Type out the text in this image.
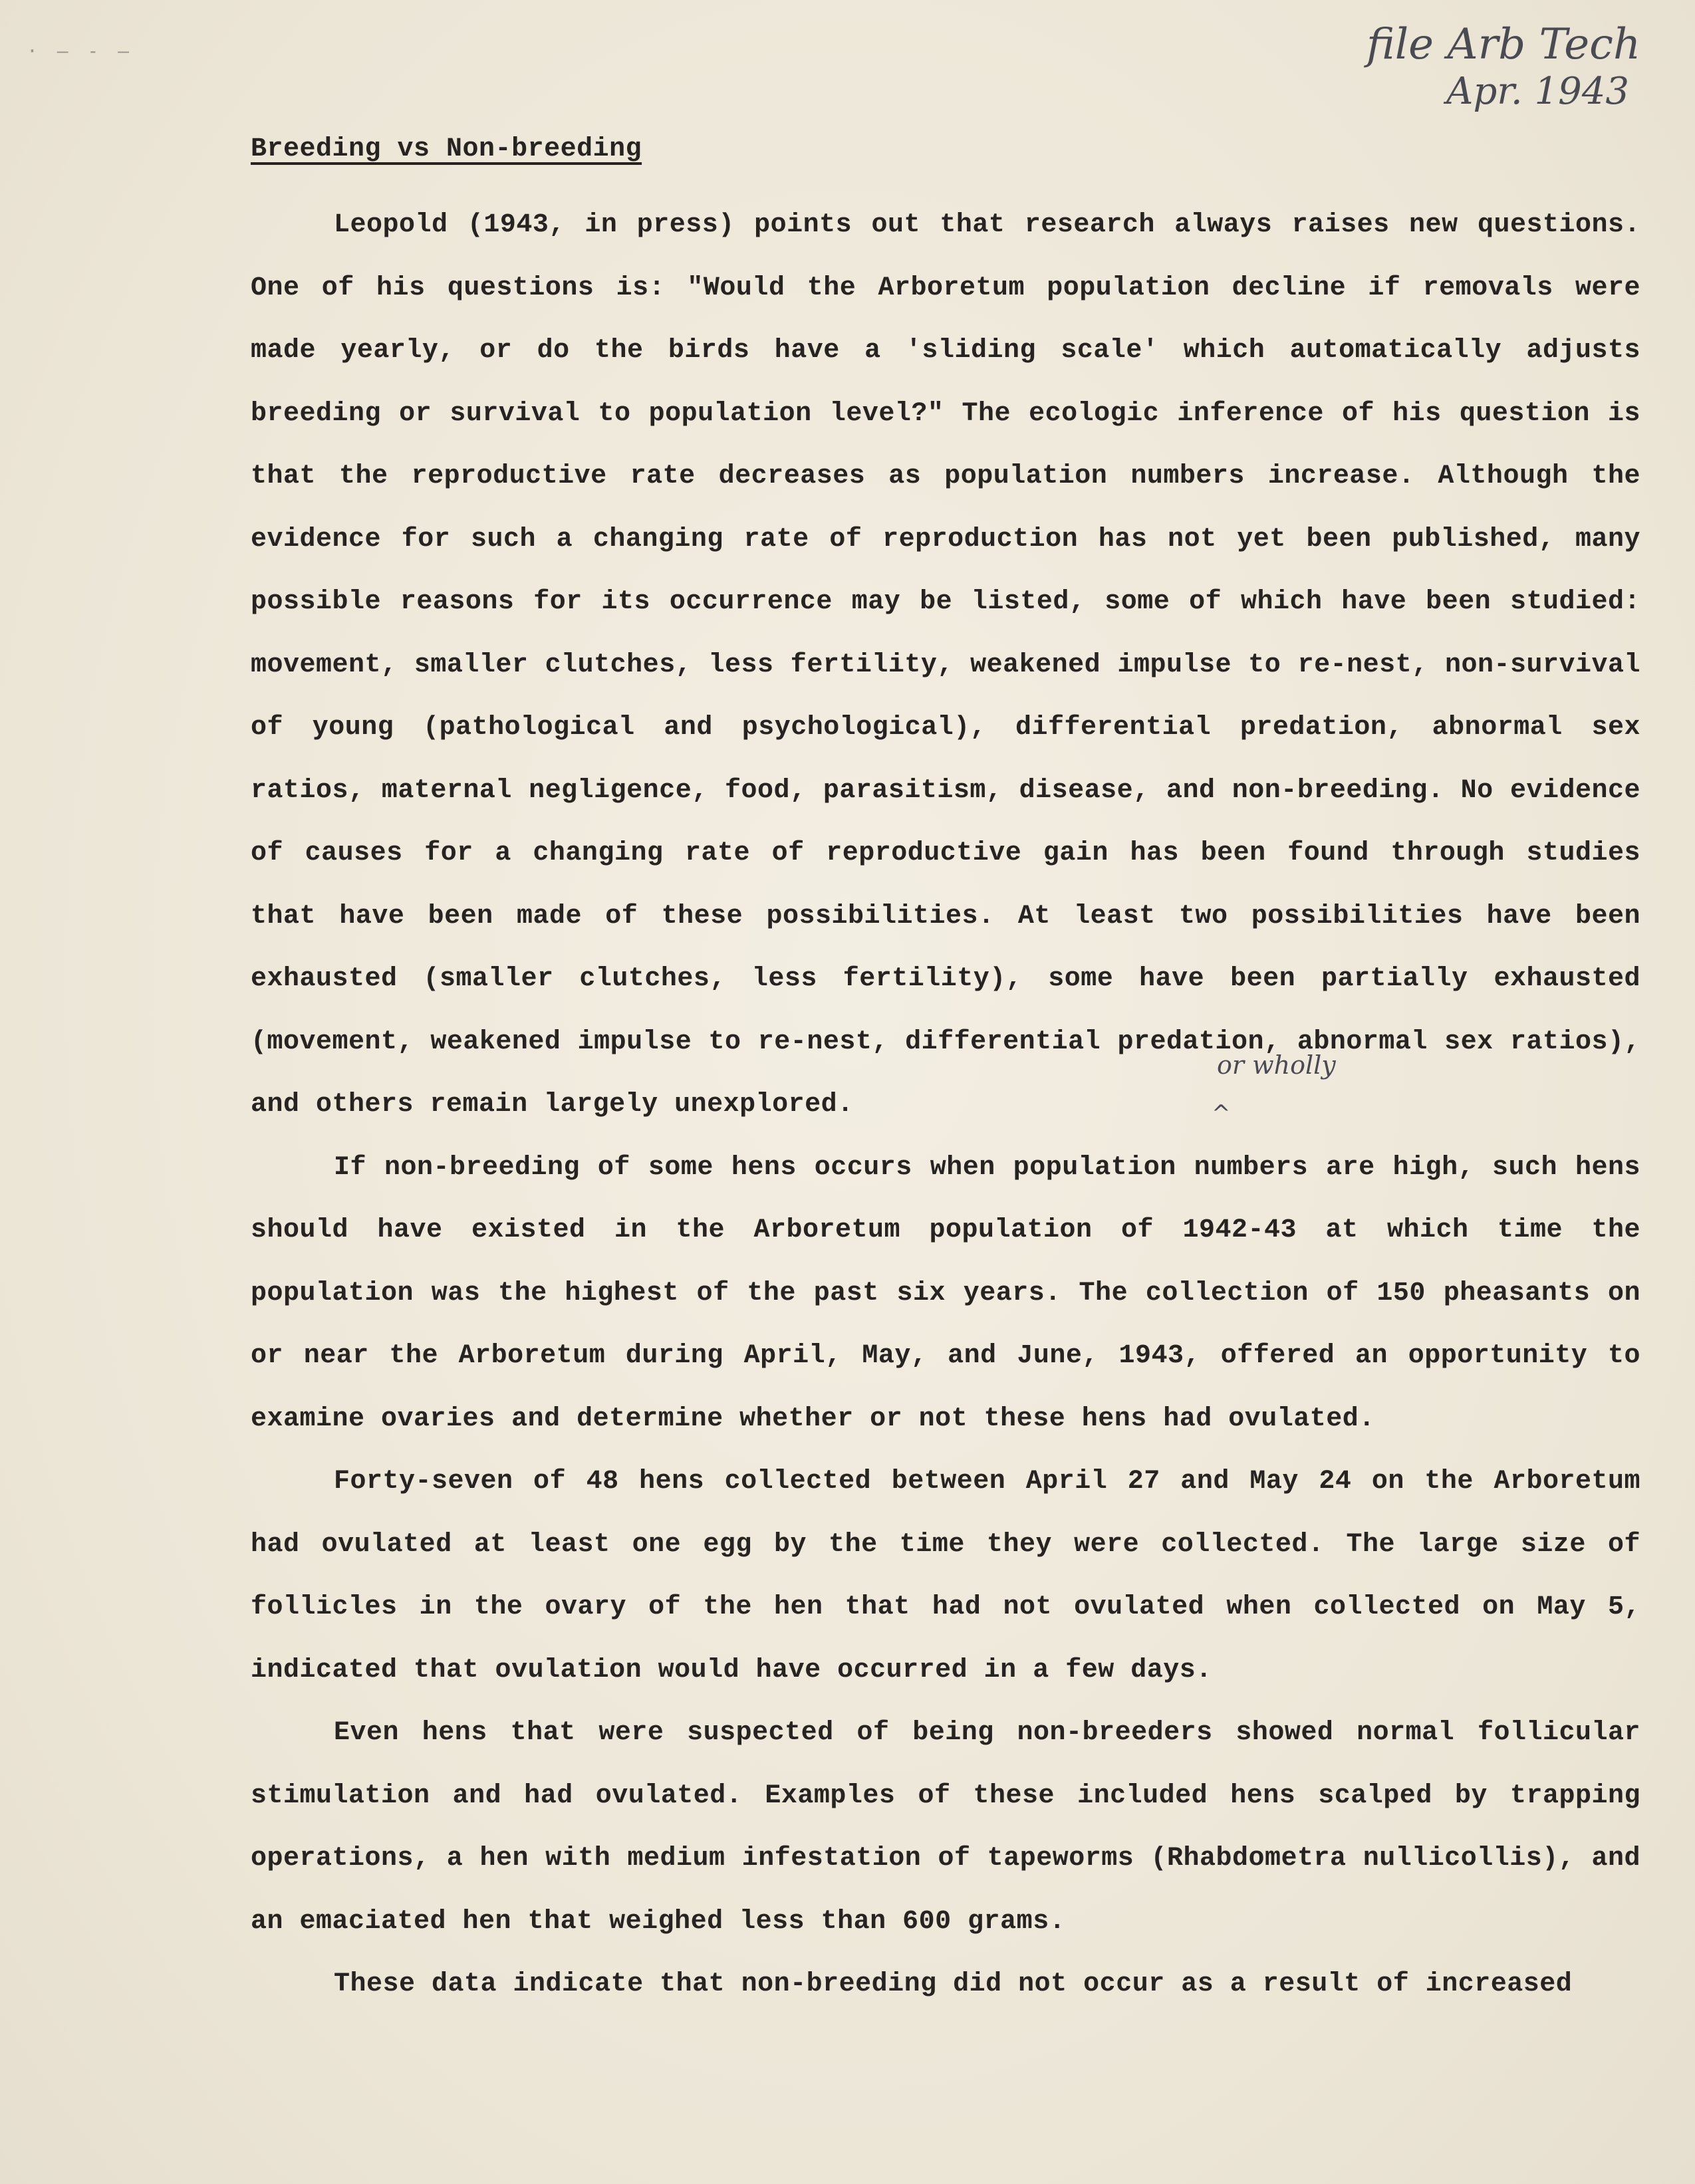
· — - —	file Arb Tech
Apr. 1943
Breeding vs Non-breeding

Leopold (1943, in press) points out that research always raises new questions. One of his questions is: "Would the Arboretum population decline if removals were made yearly, or do the birds have a 'sliding scale' which automatically adjusts breeding or survival to population level?" The ecologic inference of his question is that the reproductive rate decreases as population numbers increase. Although the evidence for such a changing rate of reproduction has not yet been published, many possible reasons for its occurrence may be listed, some of which have been studied: movement, smaller clutches, less fertility, weakened impulse to re-nest, non-survival of young (pathological and psychological), differential predation, abnormal sex ratios, maternal negligence, food, parasitism, disease, and non-breeding. No evidence of causes for a changing rate of reproductive gain has been found through studies that have been made of these possibilities. At least two possibilities have been exhausted (smaller clutches, less fertility), some have been partially exhausted (movement, weakened impulse to re-nest, differential predation, abnormal sex ratios), and others remain largely unexplored.

If non-breeding of some hens occurs when population numbers are high, such hens should have existed in the Arboretum population of 1942-43 at which time the population was the highest of the past six years. The collection of 150 pheasants on or near the Arboretum during April, May, and June, 1943, offered an opportunity to examine ovaries and determine whether or not these hens had ovulated.

Forty-seven of 48 hens collected between April 27 and May 24 on the Arboretum had ovulated at least one egg by the time they were collected. The large size of follicles in the ovary of the hen that had not ovulated when collected on May 5, indicated that ovulation would have occurred in a few days.

Even hens that were suspected of being non-breeders showed normal follicular stimulation and had ovulated. Examples of these included hens scalped by trapping operations, a hen with medium infestation of tapeworms (Rhabdometra nullicollis), and an emaciated hen that weighed less than 600 grams.

These data indicate that non-breeding did not occur as a result of increased

or wholly
^
